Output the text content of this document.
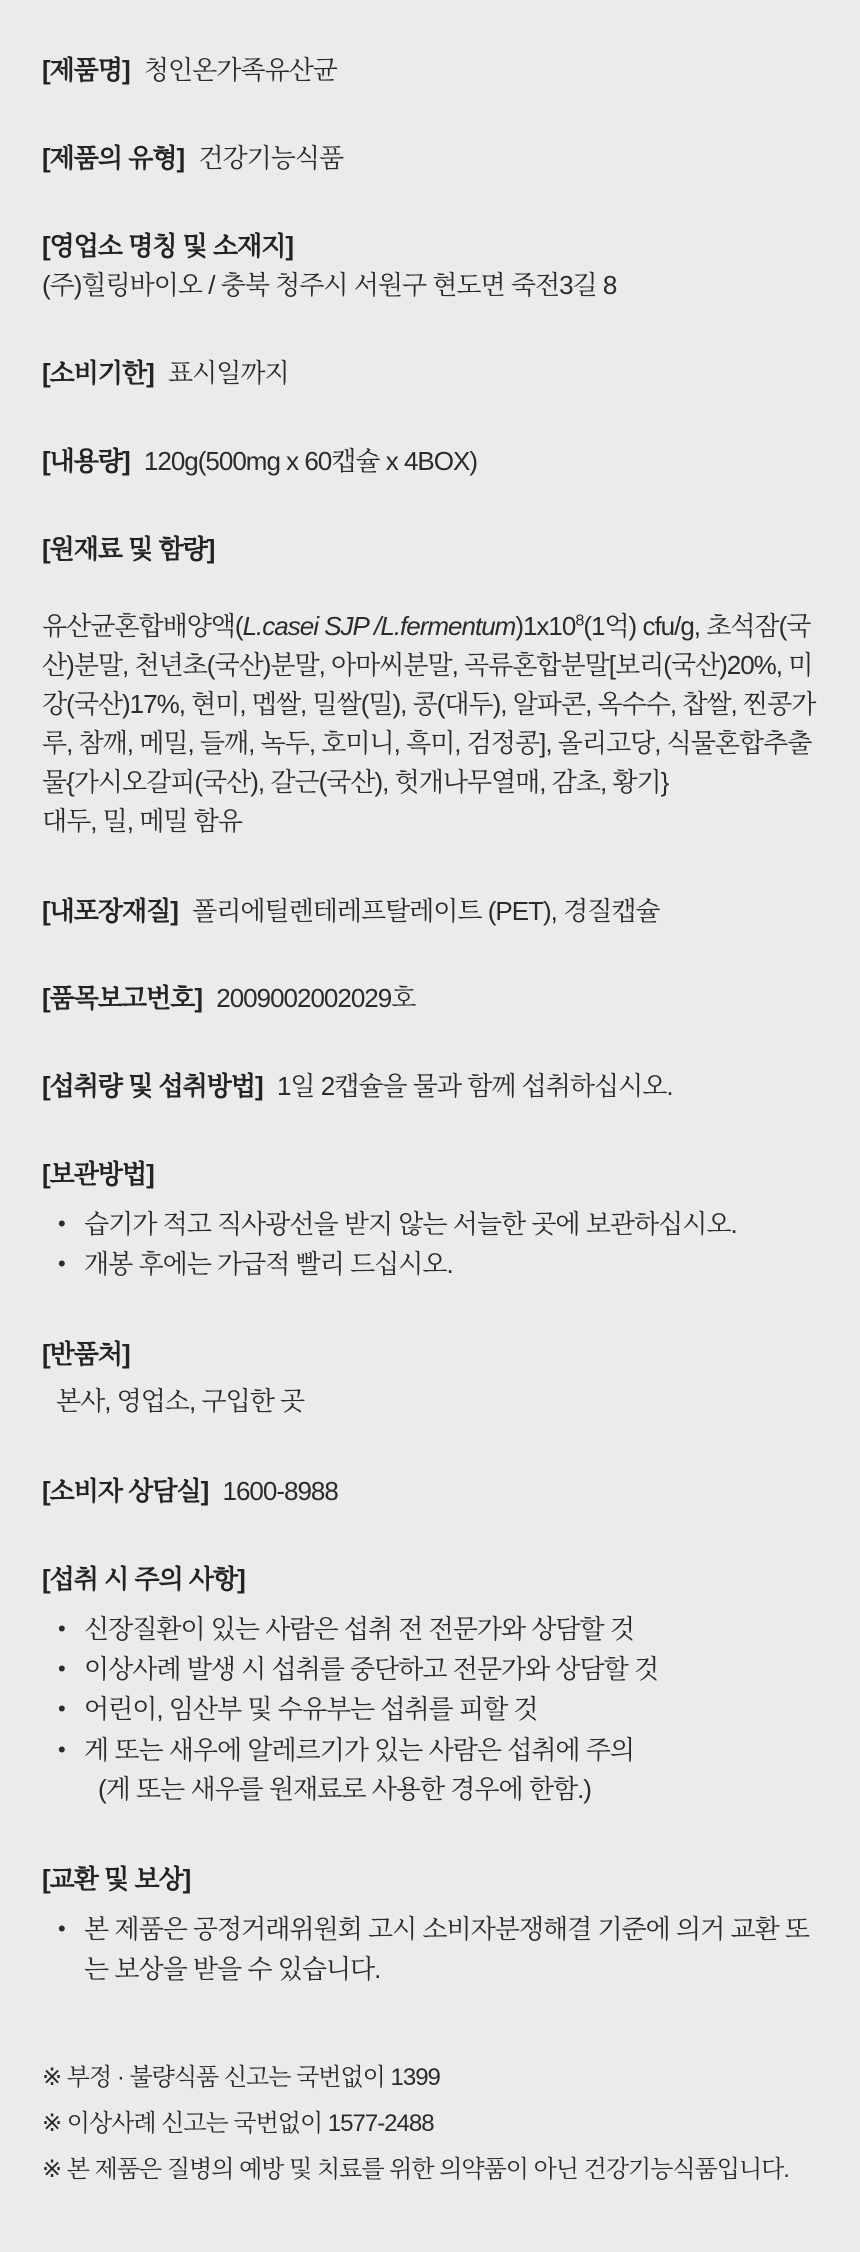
[제품명] 청인온가족유산균
[제품의 유형] 건강기능식품
[영업소 명칭 및 소재지]
(주)힐링바이오 / 충북 청주시 서원구 현도면 죽전3길 8
[소비기한] 표시일까지
[내용량] 120g(500mg x 60캡슐 x 4BOX)
[원재료 및 함량]

유산균혼합배양액(L.casei SJP $/L.fermentum)1x10^8(1$억) cfu/g, 초석잠(국산)분말, 천년초(국산)분말, 아마씨분말, 곡류혼합분말[보리(국산)20%, 미강(국산)17%, 현미, 멥쌀, 밀쌀(밀), 콩(대두), 알파콘, 옥수수, 찹쌀, 찐콩가루, 참깨, 메밀, 들깨, 녹두, 호미니, 흑미, 검정콩], 올리고당, 식물혼합추출물{가시오갈피(국산), 갈근(국산), 헛개나무열매, 감초, 황기}

대두, 밀, 메밀 함유
[내포장재질] 폴리에틸렌테레프탈레이트 (PET), 경질캡슐
[품목보고번호] 2009002002029호
[섭취량 및 섭취방법] 1일 2캡슐을 물과 함께 섭취하십시오.
[보관방법]
• 습기가 적고 직사광선을 받지 않는 서늘한 곳에 보관하십시오.
• 개봉 후에는 가급적 빨리 드십시오.
[반품처]
본사, 영업소, 구입한 곳
[소비자 상담실] 1600-8988
[섭취 시 주의 사항]
• 신장질환이 있는 사람은 섭취 전 전문가와 상담할 것
• 이상사례 발생 시 섭취를 중단하고 전문가와 상담할 것
• 어린이, 임산부 및 수유부는 섭취를 피할 것
• 게 또는 새우에 알레르기가 있는 사람은 섭취에 주의
(게 또는 새우를 원재료로 사용한 경우에 한함.)
[교환 및 보상]
• 본 제품은 공정거래위원회 고시 소비자분쟁해결 기준에 의거 교환 또는 보상을 받을 수 있습니다.
※ 부정 · 불량식품 신고는 국번없이 1399
※ 이상사례 신고는 국번없이 1577-2488
※ 본 제품은 질병의 예방 및 치료를 위한 의약품이 아닌 건강기능식품입니다.
